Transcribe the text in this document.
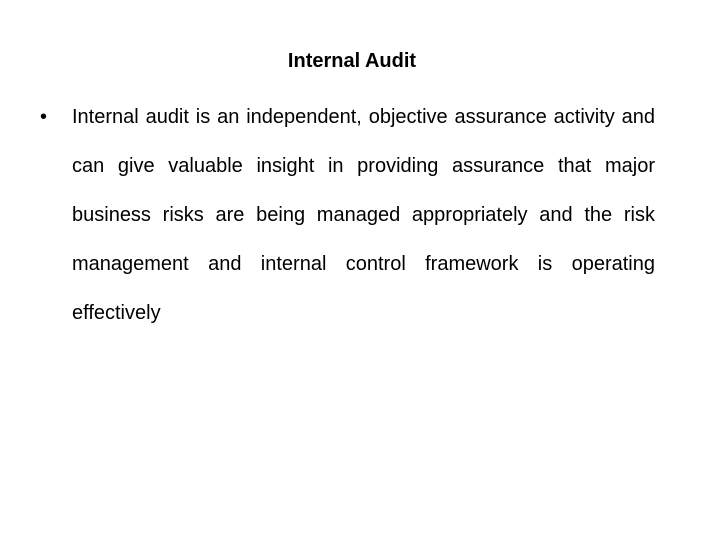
Internal Audit
• Internal audit is an independent, objective assurance activity and can give valuable insight in providing assurance that major business risks are being managed appropriately and the risk management and internal control framework is operating effectively
